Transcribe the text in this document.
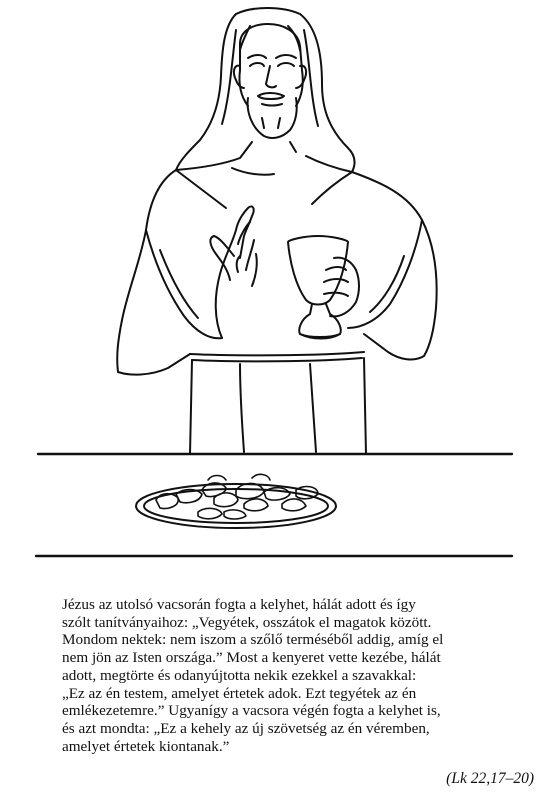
Jézus az utolsó vacsorán fogta a kelyhet, hálát adott és így
szólt tanítványaihoz: „Vegyétek, osszátok el magatok között.
Mondom nektek: nem iszom a szőlő terméséből addig, amíg el
nem jön az Isten országa.” Most a kenyeret vette kezébe, hálát
adott, megtörte és odanyújtotta nekik ezekkel a szavakkal:
„Ez az én testem, amelyet értetek adok. Ezt tegyétek az én
emlékezetemre.” Ugyanígy a vacsora végén fogta a kelyhet is,
és azt mondta: „Ez a kehely az új szövetség az én véremben,
amelyet értetek kiontanak.”
(Lk 22,17–20)
